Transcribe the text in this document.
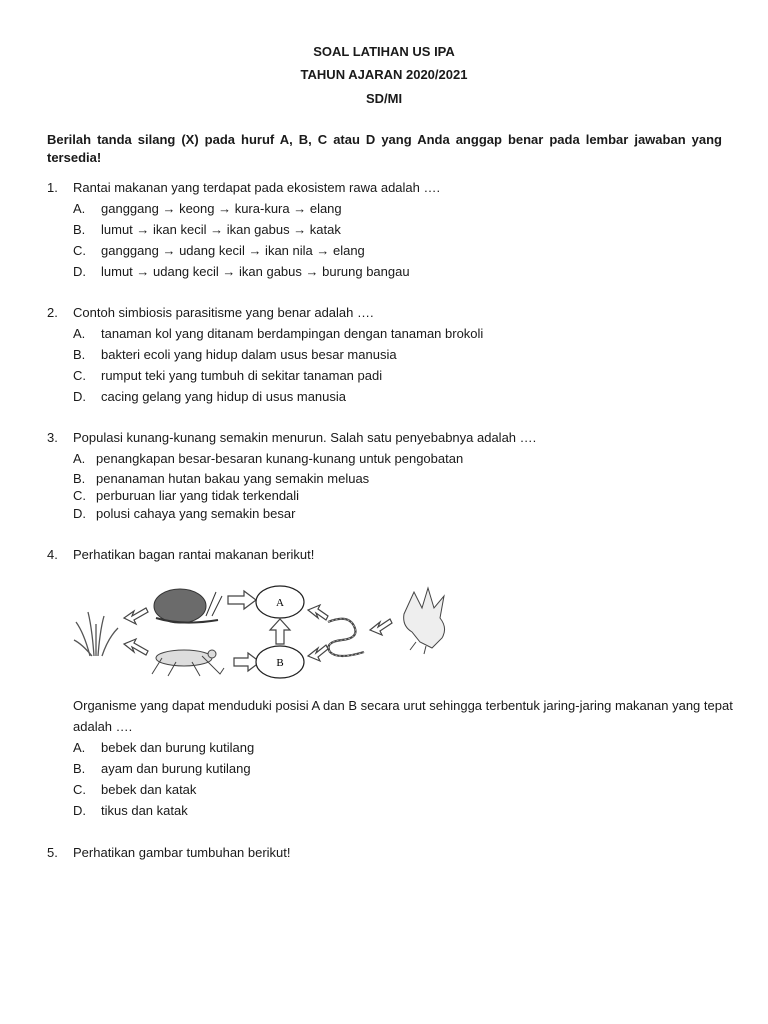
SOAL LATIHAN US IPA
TAHUN AJARAN 2020/2021
SD/MI
Berilah tanda silang (X) pada huruf A, B, C atau D yang Anda anggap benar pada lembar jawaban yang tersedia!
1. Rantai makanan yang terdapat pada ekosistem rawa adalah ….
A. ganggang → keong → kura-kura → elang
B. lumut → ikan kecil → ikan gabus → katak
C. ganggang → udang kecil → ikan nila → elang
D. lumut → udang kecil → ikan gabus → burung bangau
2. Contoh simbiosis parasitisme yang benar adalah ….
A. tanaman kol yang ditanam berdampingan dengan tanaman brokoli
B. bakteri ecoli yang hidup dalam usus besar manusia
C. rumput teki yang tumbuh di sekitar tanaman padi
D. cacing gelang yang hidup di usus manusia
3. Populasi kunang-kunang semakin menurun. Salah satu penyebabnya adalah ….
A. penangkapan besar-besaran kunang-kunang untuk pengobatan
B. penanaman hutan bakau yang semakin meluas
C. perburuan liar yang tidak terkendali
D. polusi cahaya yang semakin besar
4. Perhatikan bagan rantai makanan berikut!
A
B
Organisme yang dapat menduduki posisi A dan B secara urut sehingga terbentuk jaring-jaring makanan yang tepat adalah ….
A. bebek dan burung kutilang
B. ayam dan burung kutilang
C. bebek dan katak
D. tikus dan katak
5. Perhatikan gambar tumbuhan berikut!
